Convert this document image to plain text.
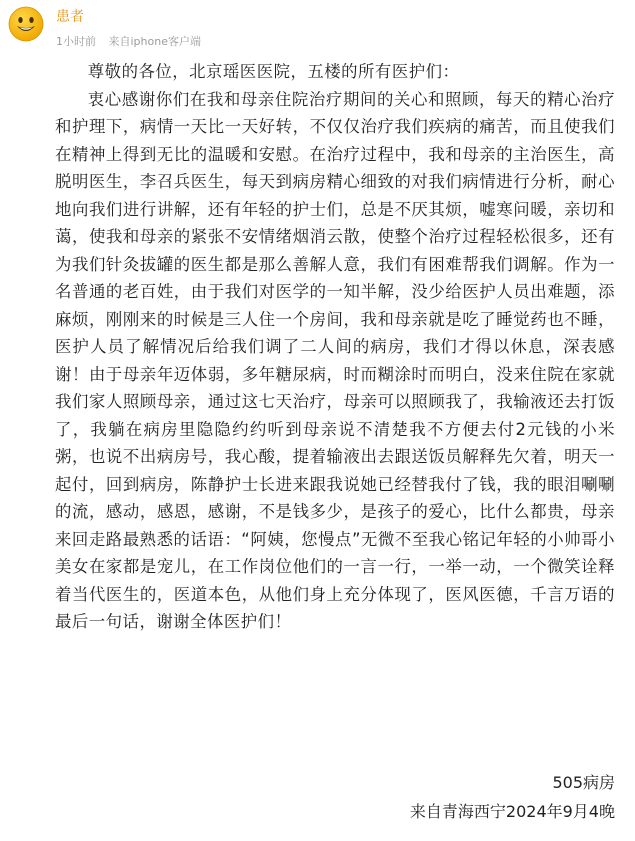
患者
1小时前 来自iphone客户端

尊敬的各位，北京瑶医医院，五楼的所有医护们：

衷心感谢你们在我和母亲住院治疗期间的关心和照顾，每天的精心治疗和护理下，病情一天比一天好转，不仅仅治疗我们疾病的痛苦，而且使我们在精神上得到无比的温暖和安慰。在治疗过程中，我和母亲的主治医生，高脱明医生，李召兵医生，每天到病房精心细致的对我们病情进行分析，耐心地向我们进行讲解，还有年轻的护士们，总是不厌其烦，嘘寒问暖，亲切和蔼，使我和母亲的紧张不安情绪烟消云散，使整个治疗过程轻松很多，还有为我们针灸拔罐的医生都是那么善解人意，我们有困难帮我们调解。作为一名普通的老百姓，由于我们对医学的一知半解，没少给医护人员出难题，添麻烦，刚刚来的时候是三人住一个房间，我和母亲就是吃了睡觉药也不睡，医护人员了解情况后给我们调了二人间的病房，我们才得以休息，深表感谢！由于母亲年迈体弱，多年糖尿病，时而糊涂时而明白，没来住院在家就我们家人照顾母亲，通过这七天治疗，母亲可以照顾我了，我输液还去打饭了，我躺在病房里隐隐约约听到母亲说不清楚我不方便去付2元钱的小米粥，也说不出病房号，我心酸，提着输液出去跟送饭员解释先欠着，明天一起付，回到病房，陈静护士长进来跟我说她已经替我付了钱，我的眼泪唰唰的流，感动，感恩，感谢，不是钱多少，是孩子的爱心，比什么都贵，母亲来回走路最熟悉的话语：“阿姨，您慢点”无微不至我心铭记年轻的小帅哥小美女在家都是宠儿，在工作岗位他们的一言一行，一举一动，一个微笑诠释着当代医生的，医道本色，从他们身上充分体现了，医风医德，千言万语的最后一句话，谢谢全体医护们！

505病房
来自青海西宁2024年9月4晚
